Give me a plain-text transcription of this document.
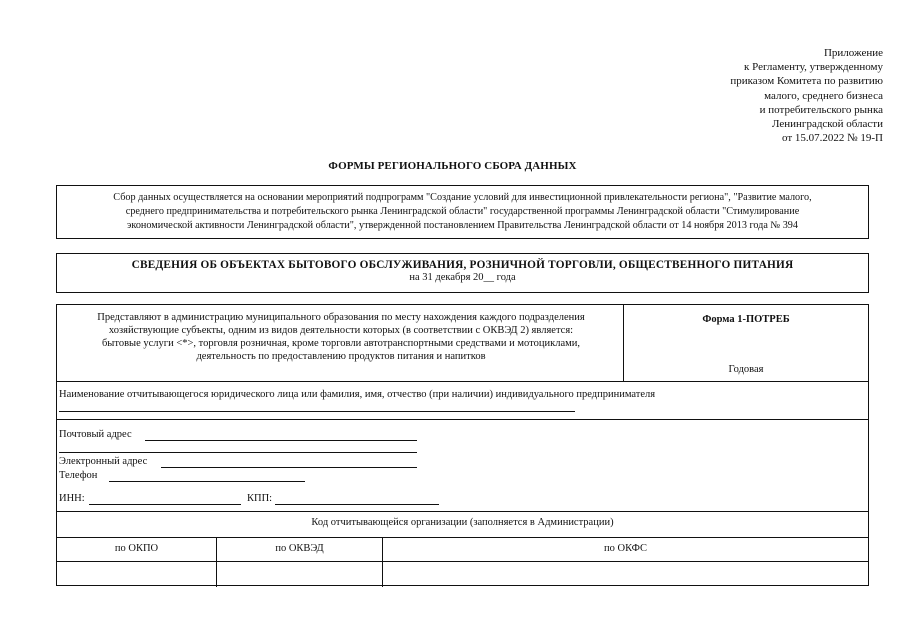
Приложение
к Регламенту, утвержденному
приказом Комитета по развитию
малого, среднего бизнеса
и потребительского рынка
Ленинградской области
от 15.07.2022 № 19-П
ФОРМЫ РЕГИОНАЛЬНОГО СБОРА ДАННЫХ
Сбор данных осуществляется на основании мероприятий подпрограмм "Создание условий для инвестиционной привлекательности региона", "Развитие малого,
среднего предпринимательства и потребительского рынка Ленинградской области" государственной программы Ленинградской области "Стимулирование
экономической активности Ленинградской области", утвержденной постановлением Правительства Ленинградской области от 14 ноября 2013 года № 394
СВЕДЕНИЯ ОБ ОБЪЕКТАХ БЫТОВОГО ОБСЛУЖИВАНИЯ, РОЗНИЧНОЙ ТОРГОВЛИ, ОБЩЕСТВЕННОГО ПИТАНИЯ
на 31 декабря 20__ года
Представляют в администрацию муниципального образования по месту нахождения каждого подразделения
хозяйствующие субъекты, одним из видов деятельности которых (в соответствии с ОКВЭД 2) является:
бытовые услуги <*>, торговля розничная, кроме торговли автотранспортными средствами и мотоциклами,
деятельность по предоставлению продуктов питания и напитков
Форма 1-ПОТРЕБ
Годовая
Наименование отчитывающегося юридического лица или фамилия, имя, отчество (при наличии) индивидуального предпринимателя
Почтовый адрес
Электронный адрес
Телефон
ИНН:	КПП:
Код отчитывающейся организации (заполняется в Администрации)
по ОКПО	по ОКВЭД	по ОКФС
